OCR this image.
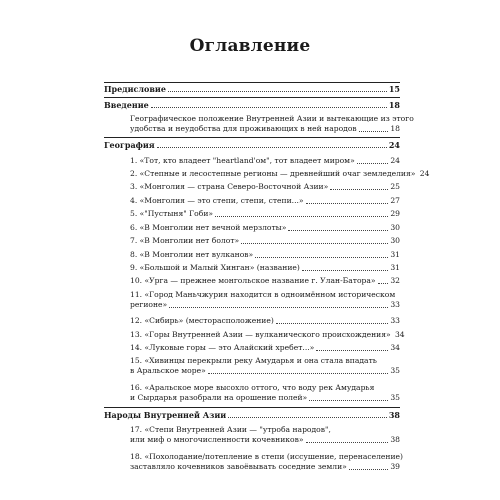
Оглавление
Предисловие	15
Введение	18
Географическое положение Внутренней Азии и вытекающие из этого
удобства и неудобства для проживающих в ней народов	18
География	24
1. «Тот, кто владеет "heartland'ом", тот владеет миром»	24
2. «Степные и лесостепные регионы — древнейший очаг земледелия» 24
3. «Монголия — страна Северо-Восточной Азии»	25
4. «Монголия — это степи, степи, степи...»	27
5. «"Пустыня" Гоби»	29
6. «В Монголии нет вечной мерзлоты»	30
7. «В Монголии нет болот»	30
8. «В Монголии нет вулканов»	31
9. «Большой и Малый Хинган» (название)	31
10. «Урга — прежнее монгольское название г. Улан-Батора» 32
11. «Город Маньчжурия находится в одноимённом историческом
регионе»	33
12. «Сибирь» (месторасположение)	33
13. «Горы Внутренней Азии — вулканического происхождения» 34
14. «Луковые горы — это Алайский хребет...»	34
15. «Хивинцы перекрыли реку Амударья и она стала впадать
в Аральское море»	35
16. «Аральское море высохло оттого, что воду рек Амударья
и Сырдарья разобрали на орошение полей»	35
Народы Внутренней Азии	38
17. «Степи Внутренней Азии — "утроба народов",
или миф о многочисленности кочевников»	38
18. «Похолодание/потепление в степи (иссушение, перенаселение)
заставляло кочевников завоёвывать соседние земли»	39
